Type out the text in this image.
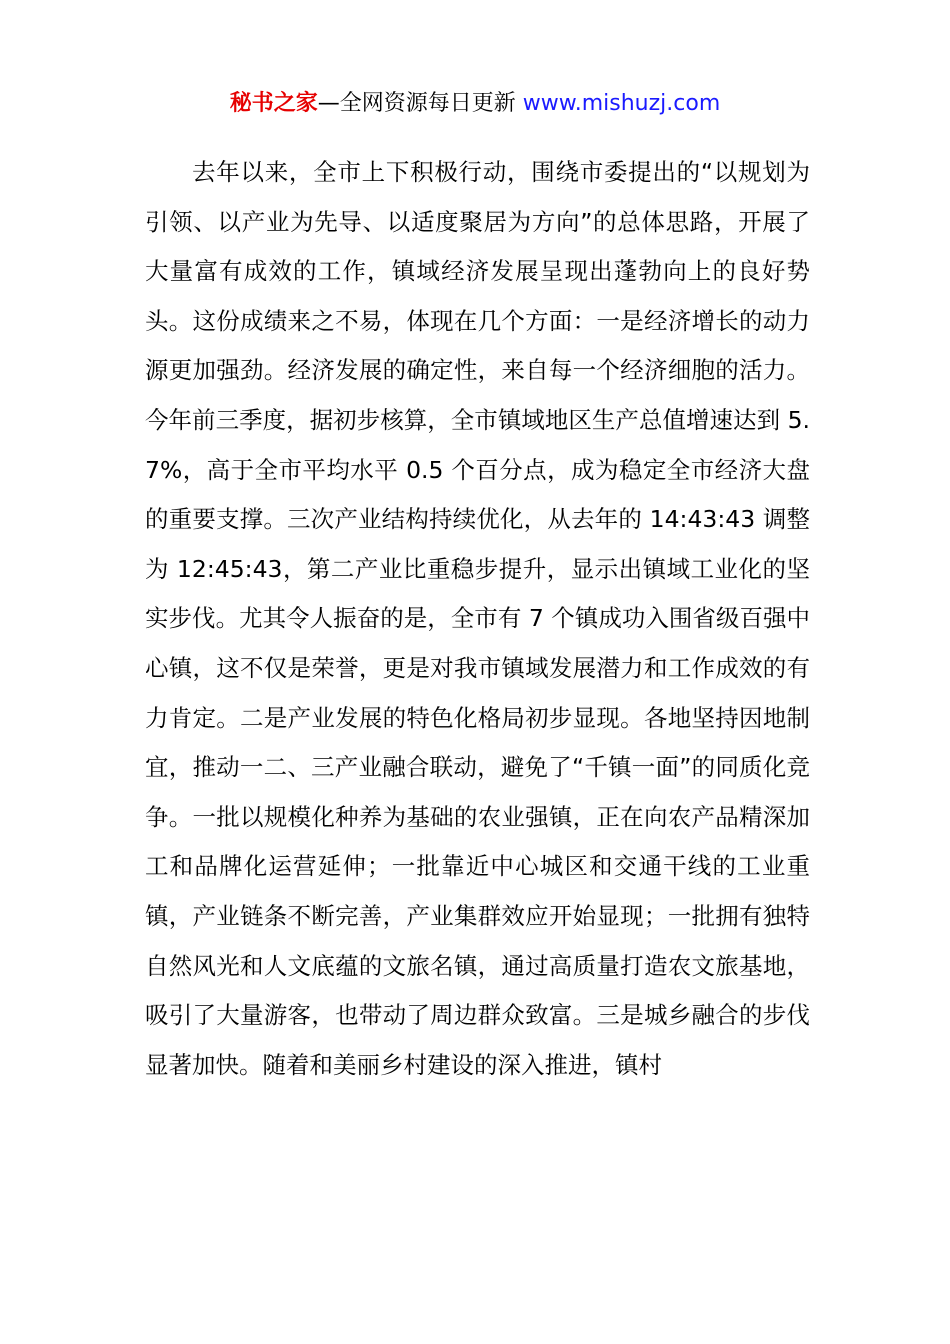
秘书之家—全网资源每日更新 www.mishuzj.com

去年以来，全市上下积极行动，围绕市委提出的“以规划为引领、以产业为先导、以适度聚居为方向”的总体思路，开展了大量富有成效的工作，镇域经济发展呈现出蓬勃向上的良好势头。这份成绩来之不易，体现在几个方面：一是经济增长的动力源更加强劲。经济发展的确定性，来自每一个经济细胞的活力。今年前三季度，据初步核算，全市镇域地区生产总值增速达到 5.7%，高于全市平均水平 0.5 个百分点，成为稳定全市经济大盘的重要支撑。三次产业结构持续优化，从去年的 14:43:43 调整为 12:45:43，第二产业比重稳步提升，显示出镇域工业化的坚实步伐。尤其令人振奋的是，全市有 7 个镇成功入围省级百强中心镇，这不仅是荣誉，更是对我市镇域发展潜力和工作成效的有力肯定。二是产业发展的特色化格局初步显现。各地坚持因地制宜，推动一二、三产业融合联动，避免了“千镇一面”的同质化竞争。一批以规模化种养为基础的农业强镇，正在向农产品精深加工和品牌化运营延伸；一批靠近中心城区和交通干线的工业重镇，产业链条不断完善，产业集群效应开始显现；一批拥有独特自然风光和人文底蕴的文旅名镇，通过高质量打造农文旅基地，吸引了大量游客，也带动了周边群众致富。三是城乡融合的步伐显著加快。随着和美丽乡村建设的深入推进，镇村
